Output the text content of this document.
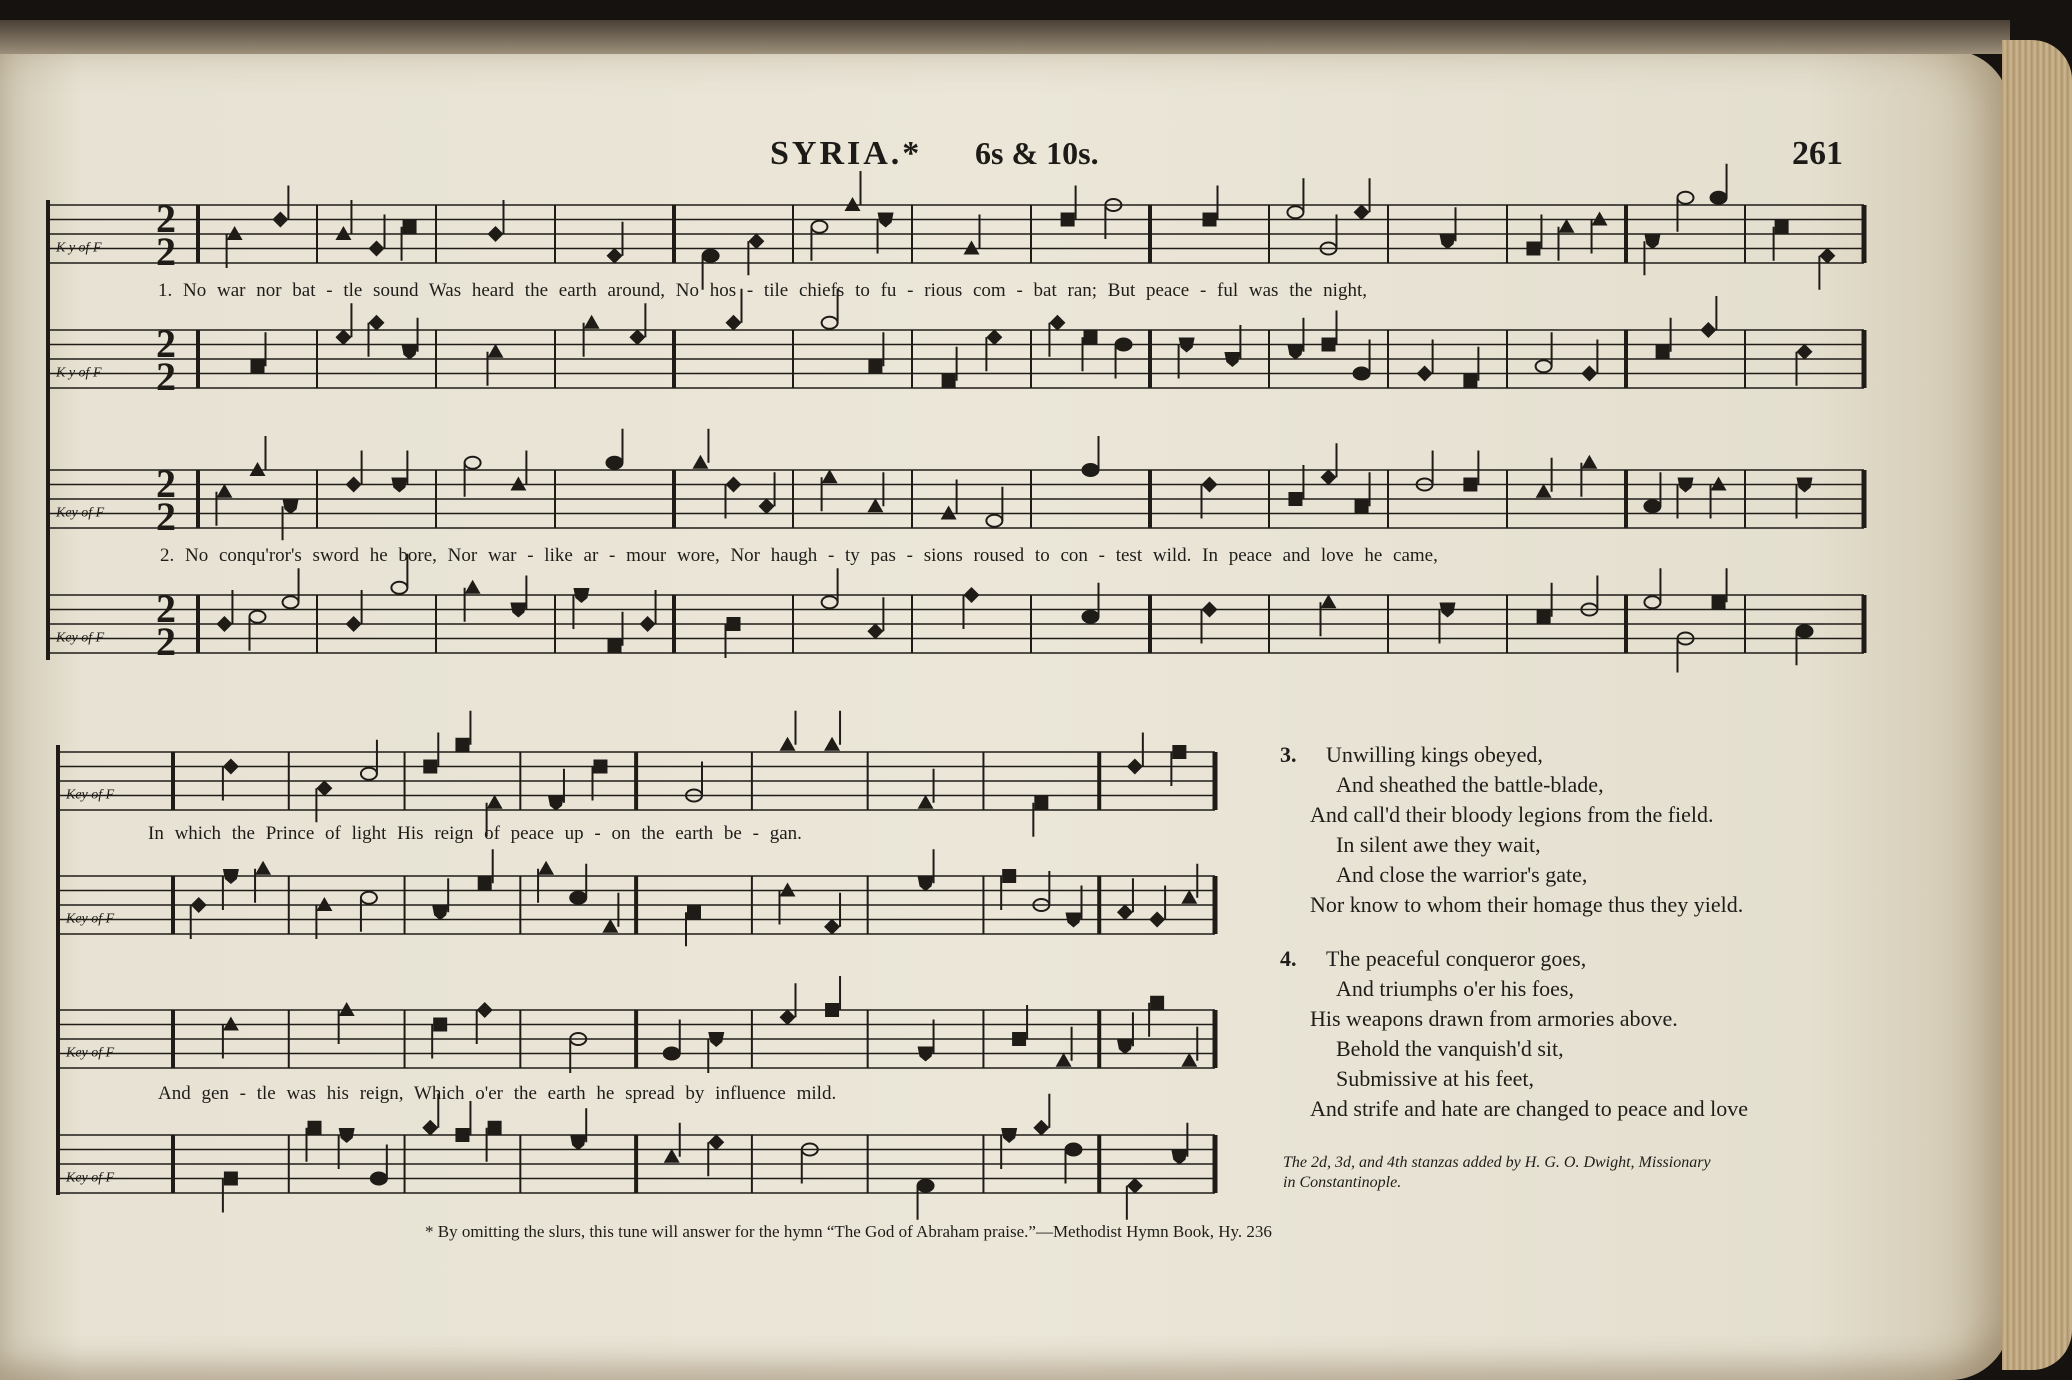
SYRIA.* 6s & 10s.	261
K y of F
2
2
K y of F
2
2
Key of F
2
2
Key of F
2
2
Key of F
Key of F
Key of F
Key of F
1. No war nor bat - tle sound Was heard the earth around, No hos - tile chiefs to fu - rious com - bat ran; But peace - ful was the night,
2. No conqu'ror's sword he bore, Nor war - like ar - mour wore, Nor haugh - ty pas - sions roused to con - test wild. In peace and love he came,
In which the Prince of light His reign of peace up - on the earth be - gan.
And gen - tle was his reign, Which o'er the earth he spread by influence mild.
3. Unwilling kings obeyed,
And sheathed the battle-blade,
And call'd their bloody legions from the field.
In silent awe they wait,
And close the warrior's gate,
Nor know to whom their homage thus they yield.
4. The peaceful conqueror goes,
And triumphs o'er his foes,
His weapons drawn from armories above.
Behold the vanquish'd sit,
Submissive at his feet,
And strife and hate are changed to peace and love
The 2d, 3d, and 4th stanzas added by H. G. O. Dwight, Missionary
in Constantinople.
* By omitting the slurs, this tune will answer for the hymn “The God of Abraham praise.”—Methodist Hymn Book, Hy. 236
